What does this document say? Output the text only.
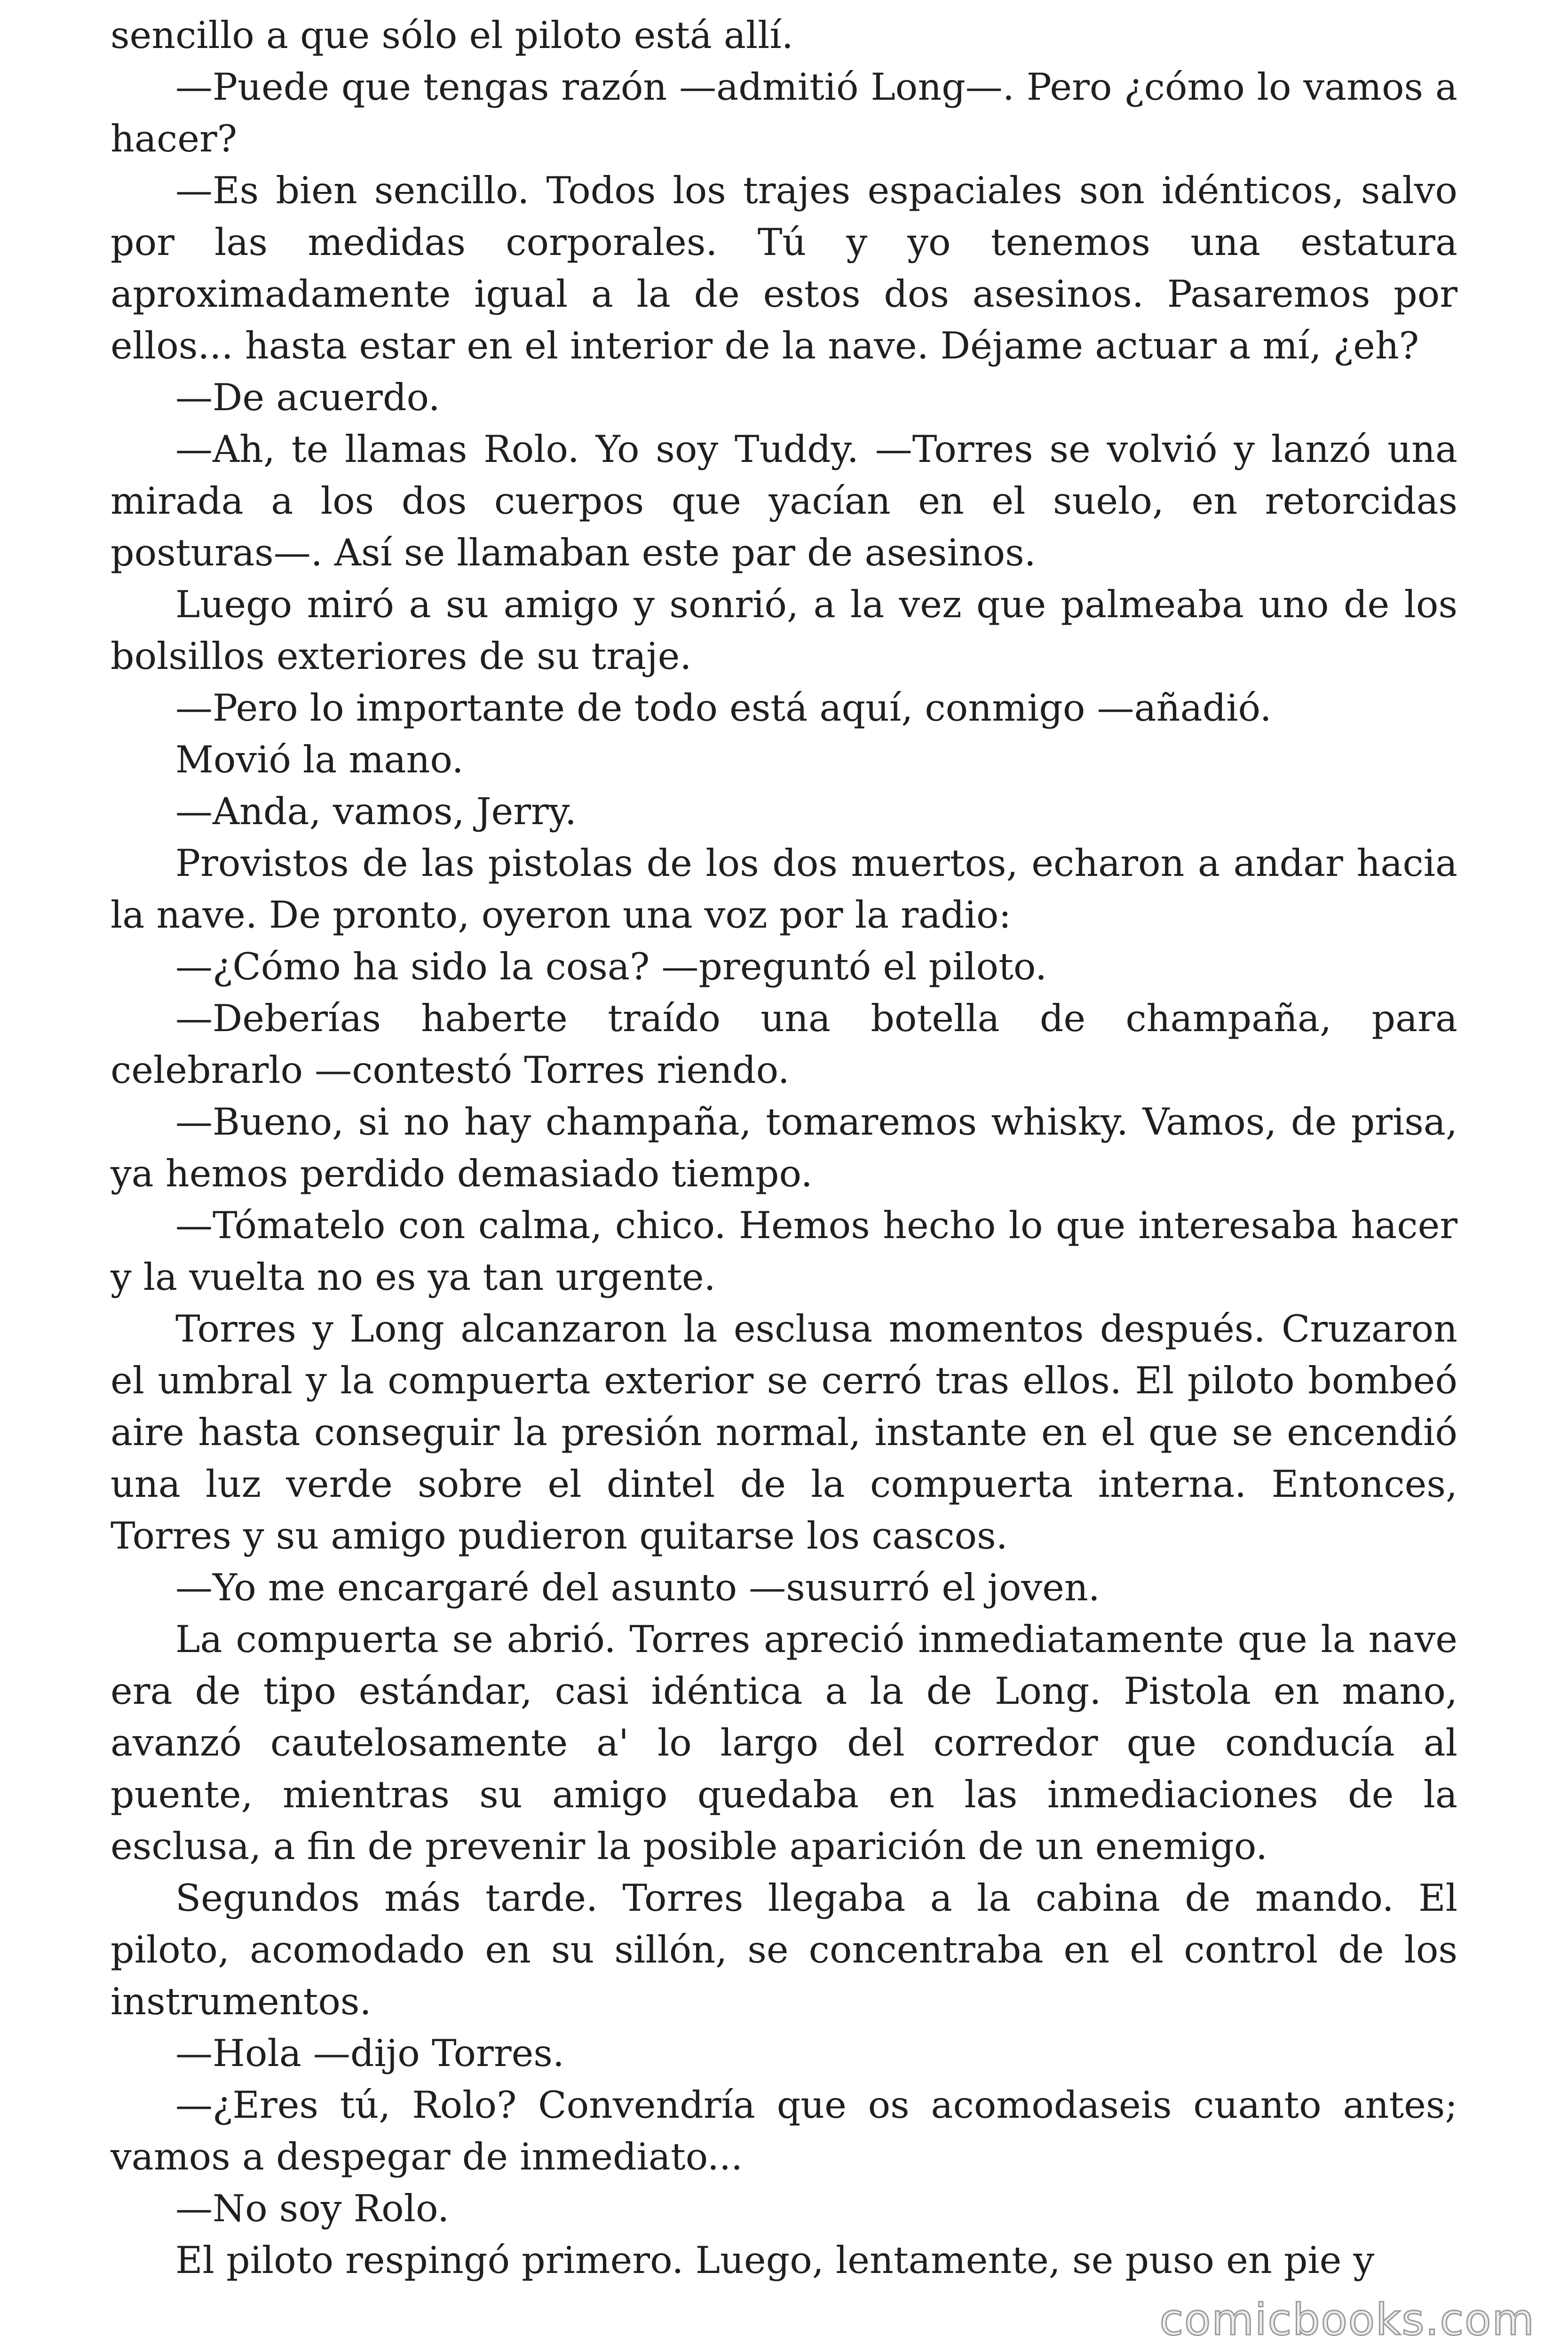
sencillo a que sólo el piloto está allí.

—Puede que tengas razón —admitió Long—. Pero ¿cómo lo vamos a hacer?

—Es bien sencillo. Todos los trajes espaciales son idénticos, salvo por las medidas corporales. Tú y yo tenemos una estatura aproximadamente igual a la de estos dos asesinos. Pasaremos por ellos... hasta estar en el interior de la nave. Déjame actuar a mí, ¿eh?

—De acuerdo.

—Ah, te llamas Rolo. Yo soy Tuddy. —Torres se volvió y lanzó una mirada a los dos cuerpos que yacían en el suelo, en retorcidas posturas—. Así se llamaban este par de asesinos.

Luego miró a su amigo y sonrió, a la vez que palmeaba uno de los bolsillos exteriores de su traje.

—Pero lo importante de todo está aquí, conmigo —añadió.

Movió la mano.

—Anda, vamos, Jerry.

Provistos de las pistolas de los dos muertos, echaron a andar hacia la nave. De pronto, oyeron una voz por la radio:

—¿Cómo ha sido la cosa? —preguntó el piloto.

—Deberías haberte traído una botella de champaña, para celebrarlo —contestó Torres riendo.

—Bueno, si no hay champaña, tomaremos whisky. Vamos, de prisa, ya hemos perdido demasiado tiempo.

—Tómatelo con calma, chico. Hemos hecho lo que interesaba hacer y la vuelta no es ya tan urgente.

Torres y Long alcanzaron la esclusa momentos después. Cruzaron el umbral y la compuerta exterior se cerró tras ellos. El piloto bombeó aire hasta conseguir la presión normal, instante en el que se encendió una luz verde sobre el dintel de la compuerta interna. Entonces, Torres y su amigo pudieron quitarse los cascos.

—Yo me encargaré del asunto —susurró el joven.

La compuerta se abrió. Torres apreció inmediatamente que la nave era de tipo estándar, casi idéntica a la de Long. Pistola en mano, avanzó cautelosamente a' lo largo del corredor que conducía al puente, mientras su amigo quedaba en las inmediaciones de la esclusa, a fin de prevenir la posible aparición de un enemigo.

Segundos más tarde. Torres llegaba a la cabina de mando. El piloto, acomodado en su sillón, se concentraba en el control de los instrumentos.

—Hola —dijo Torres.

—¿Eres tú, Rolo? Convendría que os acomodaseis cuanto antes; vamos a despegar de inmediato...

—No soy Rolo.

El piloto respingó primero. Luego, lentamente, se puso en pie y

comicbooks.com
